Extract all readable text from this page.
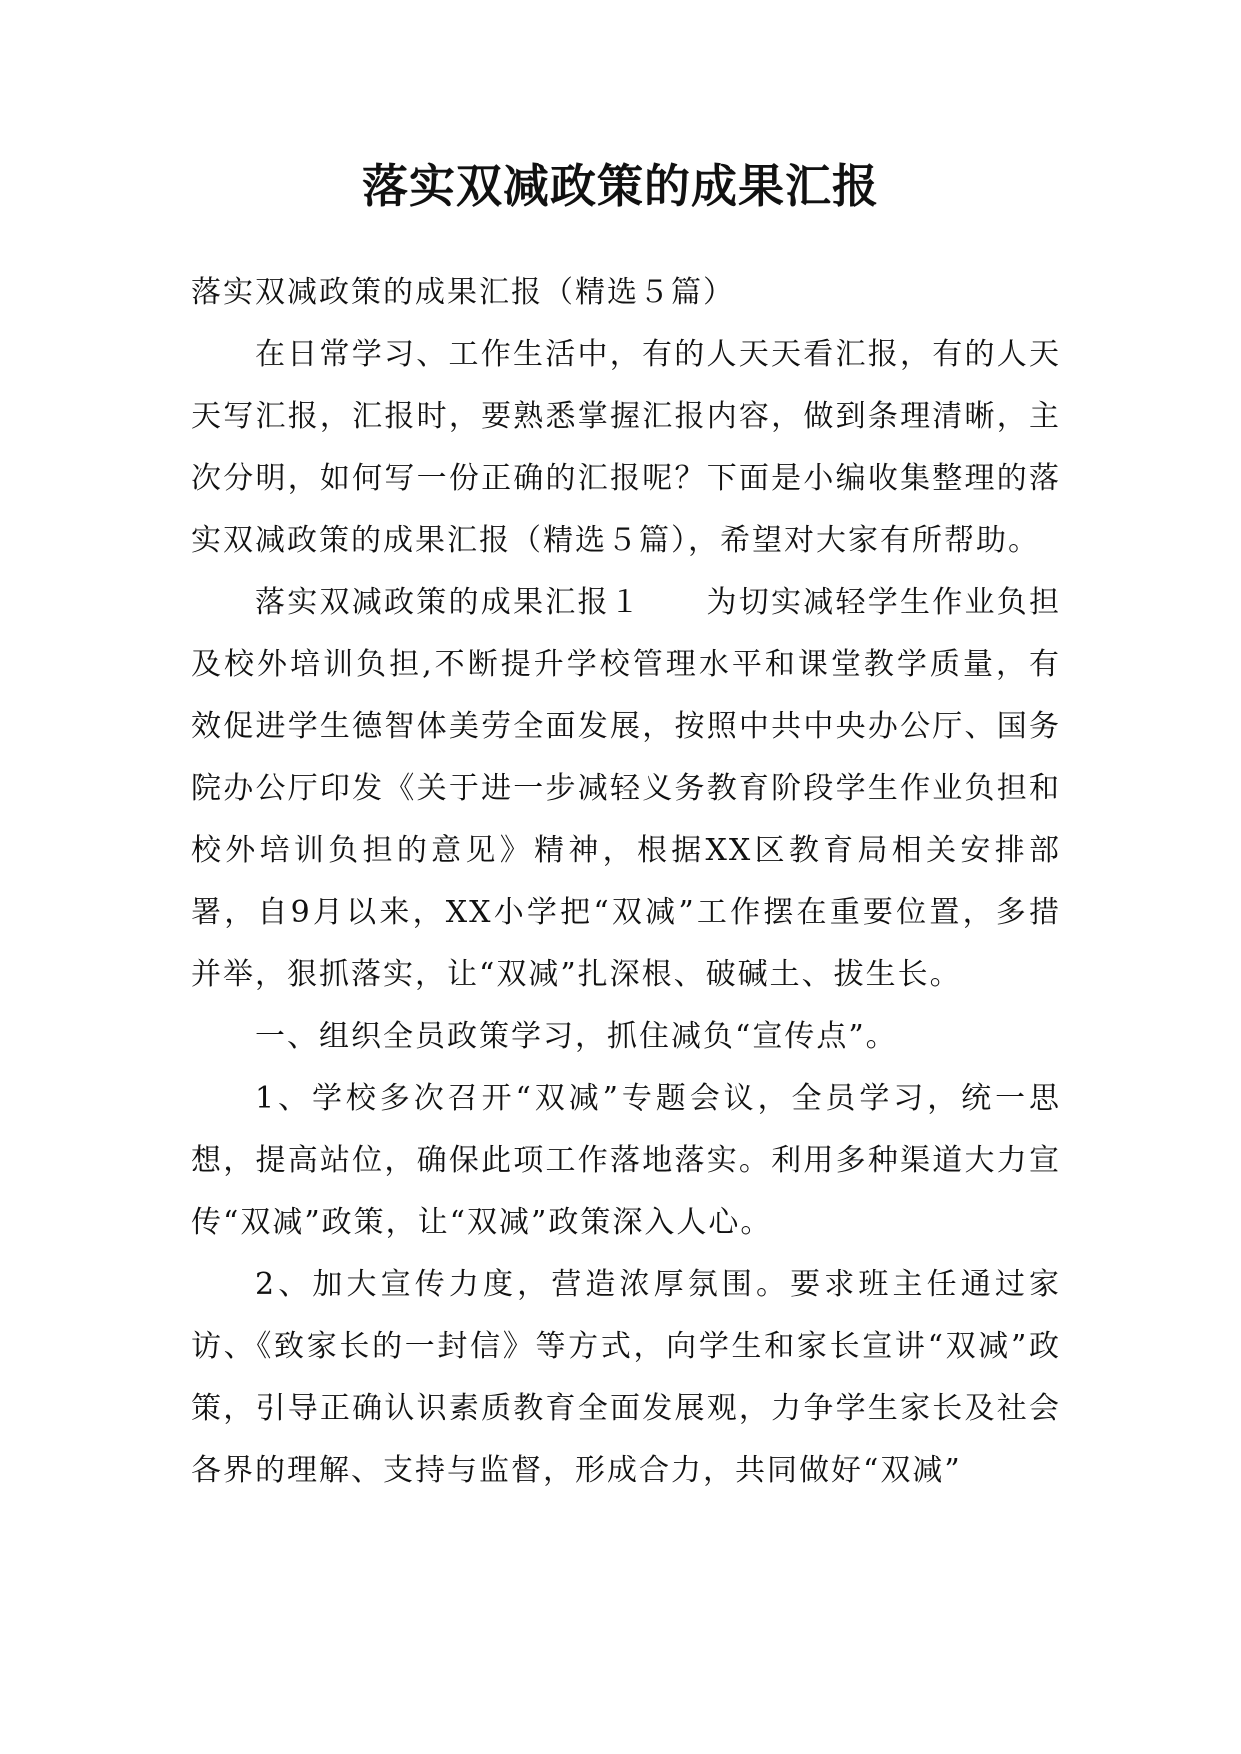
落实双减政策的成果汇报

落实双减政策的成果汇报（精选５篇）

在日常学习、工作生活中，有的人天天看汇报，有的人天天写汇报，汇报时，要熟悉掌握汇报内容，做到条理清晰，主次分明，如何写一份正确的汇报呢？下面是小编收集整理的落实双减政策的成果汇报（精选５篇），希望对大家有所帮助。

落实双减政策的成果汇报１　　为切实减轻学生作业负担及校外培训负担,不断提升学校管理水平和课堂教学质量，有效促进学生德智体美劳全面发展，按照中共中央办公厅、国务院办公厅印发《关于进一步减轻义务教育阶段学生作业负担和校外培训负担的意见》精神，根据XX区教育局相关安排部署，自9月以来，XX小学把“双减”工作摆在重要位置，多措并举，狠抓落实，让“双减”扎深根、破碱土、拔生长。

一、组织全员政策学习，抓住减负“宣传点”。

1、学校多次召开“双减”专题会议，全员学习，统一思想，提高站位，确保此项工作落地落实。利用多种渠道大力宣传“双减”政策，让“双减”政策深入人心。

2、加大宣传力度，营造浓厚氛围。要求班主任通过家访、《致家长的一封信》等方式，向学生和家长宣讲“双减”政策，引导正确认识素质教育全面发展观，力争学生家长及社会各界的理解、支持与监督，形成合力，共同做好“双减”
